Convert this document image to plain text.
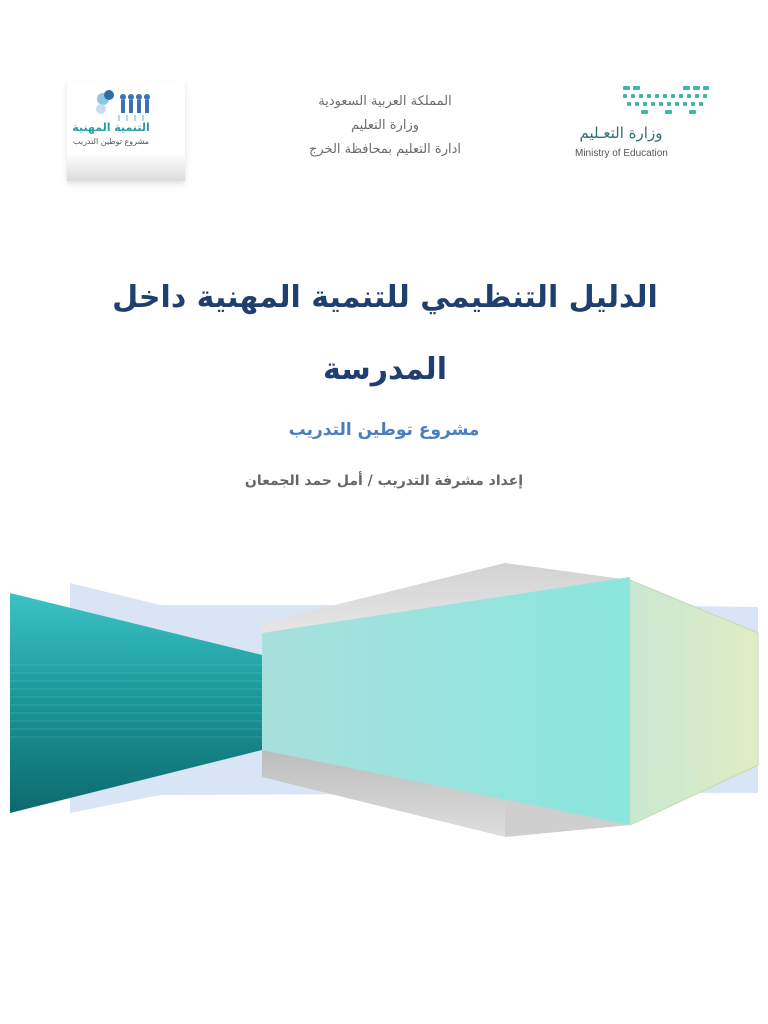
التنمية المهنية
مشروع توطين التدريب
المملكة العربية السعودية
وزارة التعليم
ادارة التعليم بمحافظة الخرج
وزارة التعـليم
Ministry of Education
الدليل التنظيمي للتنمية المهنية داخل
المدرسة
مشروع توطين التدريب
إعداد مشرفة التدريب / أمل حمد الجمعان
